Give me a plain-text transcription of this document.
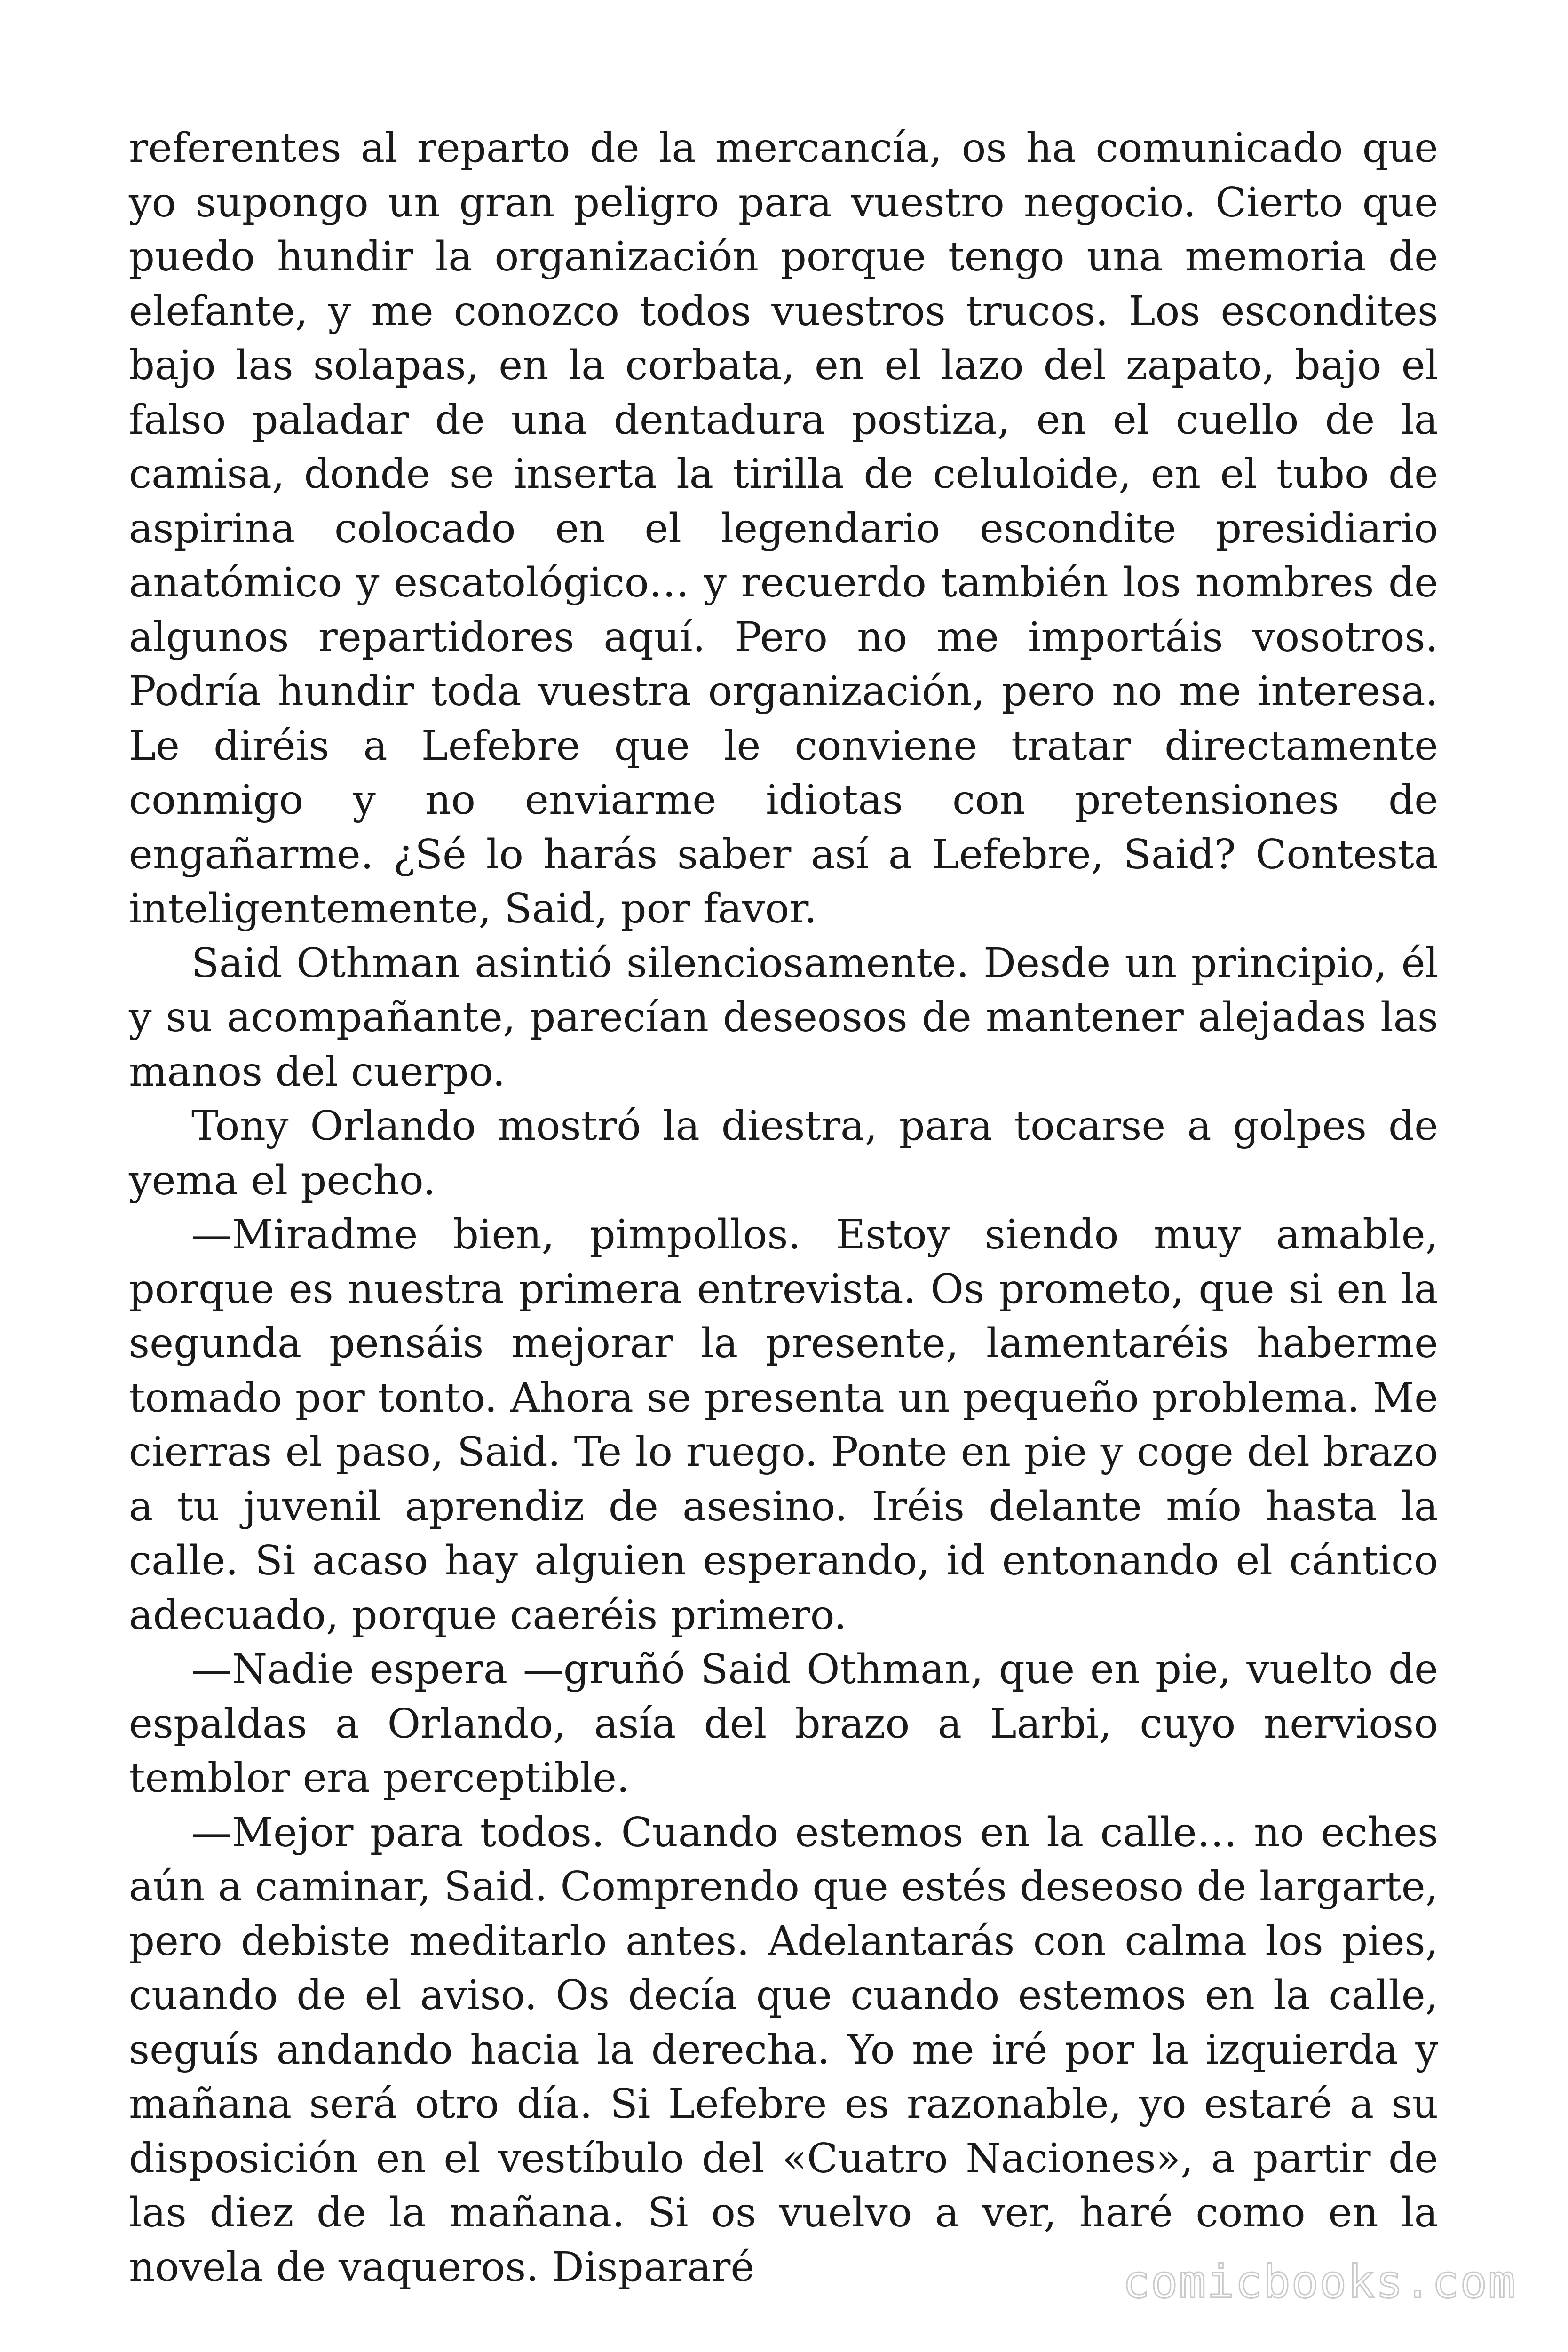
referentes al reparto de la mercancía, os ha comunicado que yo supongo un gran peligro para vuestro negocio. Cierto que puedo hundir la organización porque tengo una memoria de elefante, y me conozco todos vuestros trucos. Los escondites bajo las solapas, en la corbata, en el lazo del zapato, bajo el falso paladar de una dentadura postiza, en el cuello de la camisa, donde se inserta la tirilla de celuloide, en el tubo de aspirina colocado en el legendario escondite presidiario anatómico y escatológico… y recuerdo también los nombres de algunos repartidores aquí. Pero no me importáis vosotros. Podría hundir toda vuestra organización, pero no me interesa. Le diréis a Lefebre que le conviene tratar directamente conmigo y no enviarme idiotas con pretensiones de engañarme. ¿Sé lo harás saber así a Lefebre, Said? Contesta inteligentemente, Said, por favor.

Said Othman asintió silenciosamente. Desde un principio, él y su acompañante, parecían deseosos de mantener alejadas las manos del cuerpo.

Tony Orlando mostró la diestra, para tocarse a golpes de yema el pecho.

—Miradme bien, pimpollos. Estoy siendo muy amable, porque es nuestra primera entrevista. Os prometo, que si en la segunda pensáis mejorar la presente, lamentaréis haberme tomado por tonto. Ahora se presenta un pequeño problema. Me cierras el paso, Said. Te lo ruego. Ponte en pie y coge del brazo a tu juvenil aprendiz de asesino. Iréis delante mío hasta la calle. Si acaso hay alguien esperando, id entonando el cántico adecuado, porque caeréis primero.

—Nadie espera —gruñó Said Othman, que en pie, vuelto de espaldas a Orlando, asía del brazo a Larbi, cuyo nervioso temblor era perceptible.

—Mejor para todos. Cuando estemos en la calle… no eches aún a caminar, Said. Comprendo que estés deseoso de largarte, pero debiste meditarlo antes. Adelantarás con calma los pies, cuando de el aviso. Os decía que cuando estemos en la calle, seguís andando hacia la derecha. Yo me iré por la izquierda y mañana será otro día. Si Lefebre es razonable, yo estaré a su disposición en el vestíbulo del «Cuatro Naciones», a partir de las diez de la mañana. Si os vuelvo a ver, haré como en la novela de vaqueros. Dispararé	comicbooks.com
